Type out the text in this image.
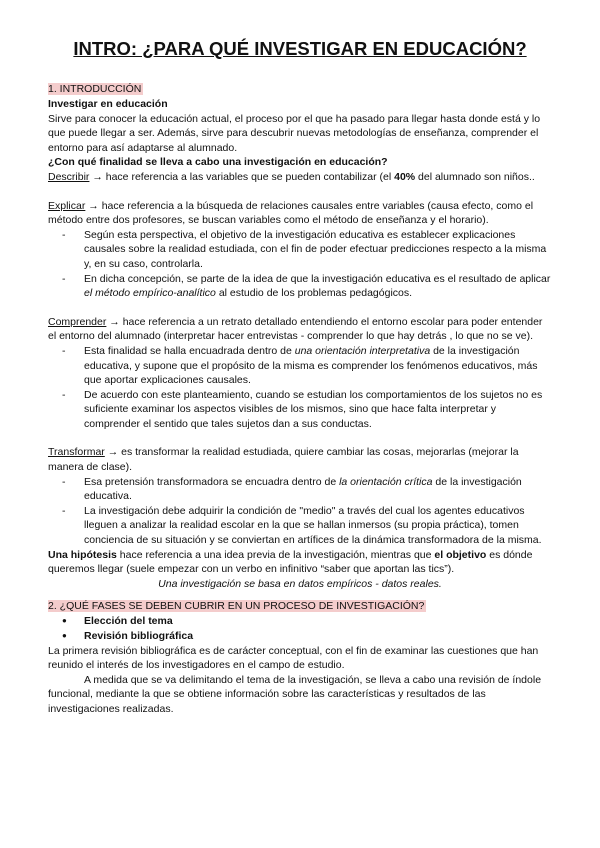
INTRO: ¿PARA QUÉ INVESTIGAR EN EDUCACIÓN?
1. INTRODUCCIÓN

Investigar en educación

Sirve para conocer la educación actual, el proceso por el que ha pasado para llegar hasta donde está y lo que puede llegar a ser. Además, sirve para descubrir nuevas metodologías de enseñanza, comprender el entorno para así adaptarse al alumnado.

¿Con qué finalidad se lleva a cabo una investigación en educación?

Describir → hace referencia a las variables que se pueden contabilizar (el 40% del alumnado son niños..

Explicar → hace referencia a la búsqueda de relaciones causales entre variables (causa efecto, como el método entre dos profesores, se buscan variables como el método de enseñanza y el horario).

- Según esta perspectiva, el objetivo de la investigación educativa es establecer explicaciones causales sobre la realidad estudiada, con el fin de poder efectuar predicciones respecto a la misma y, en su caso, controlarla.
- En dicha concepción, se parte de la idea de que la investigación educativa es el resultado de aplicar el método empírico-analítico al estudio de los problemas pedagógicos.

Comprender → hace referencia a un retrato detallado entendiendo el entorno escolar para poder entender el entorno del alumnado (interpretar hacer entrevistas - comprender lo que hay detrás , lo que no se ve).

- Esta finalidad se halla encuadrada dentro de una orientación interpretativa de la investigación educativa, y supone que el propósito de la misma es comprender los fenómenos educativos, más que aportar explicaciones causales.
- De acuerdo con este planteamiento, cuando se estudian los comportamientos de los sujetos no es suficiente examinar los aspectos visibles de los mismos, sino que hace falta interpretar y comprender el sentido que tales sujetos dan a sus conductas.

Transformar → es transformar la realidad estudiada, quiere cambiar las cosas, mejorarlas (mejorar la manera de clase).

- Esa pretensión transformadora se encuadra dentro de la orientación crítica de la investigación educativa.
- La investigación debe adquirir la condición de "medio" a través del cual los agentes educativos lleguen a analizar la realidad escolar en la que se hallan inmersos (su propia práctica), tomen conciencia de su situación y se conviertan en artífices de la dinámica transformadora de la misma.

Una hipótesis hace referencia a una idea previa de la investigación, mientras que el objetivo es dónde queremos llegar (suele empezar con un verbo en infinitivo “saber que aportan las tics”).

Una investigación se basa en datos empíricos - datos reales.

2. ¿QUÉ FASES SE DEBEN CUBRIR EN UN PROCESO DE INVESTIGACIÓN?
● Elección del tema
● Revisión bibliográfica

La primera revisión bibliográfica es de carácter conceptual, con el fin de examinar las cuestiones que han reunido el interés de los investigadores en el campo de estudio.

A medida que se va delimitando el tema de la investigación, se lleva a cabo una revisión de índole funcional, mediante la que se obtiene información sobre las características y resultados de las investigaciones realizadas.
